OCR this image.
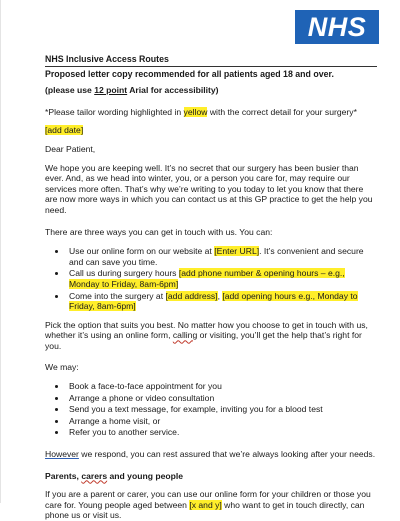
NHS
NHS Inclusive Access Routes
Proposed letter copy recommended for all patients aged 18 and over.
(please use 12 point Arial for accessibility)

*Please tailor wording highlighted in yellow with the correct detail for your surgery*

[add date]

Dear Patient,

We hope you are keeping well. It’s no secret that our surgery has been busier than ever. And, as we head into winter, you, or a person you care for, may require our services more often. That’s why we’re writing to you today to let you know that there are now more ways in which you can contact us at this GP practice to get the help you need.

There are three ways you can get in touch with us. You can:

• Use our online form on our website at [Enter URL]. It’s convenient and secure and can save you time.
• Call us during surgery hours [add phone number & opening hours – e.g., Monday to Friday, 8am-6pm]
• Come into the surgery at [add address], [add opening hours e.g., Monday to Friday, 8am-6pm]

Pick the option that suits you best. No matter how you choose to get in touch with us, whether it’s using an online form, calling or visiting, you’ll get the help that’s right for you.

We may:

• Book a face-to-face appointment for you
• Arrange a phone or video consultation
• Send you a text message, for example, inviting you for a blood test
• Arrange a home visit, or
• Refer you to another service.

However we respond, you can rest assured that we’re always looking after your needs.

Parents, carers and young people

If you are a parent or carer, you can use our online form for your children or those you care for. Young people aged between [x and y] who want to get in touch directly, can phone us or visit us.
